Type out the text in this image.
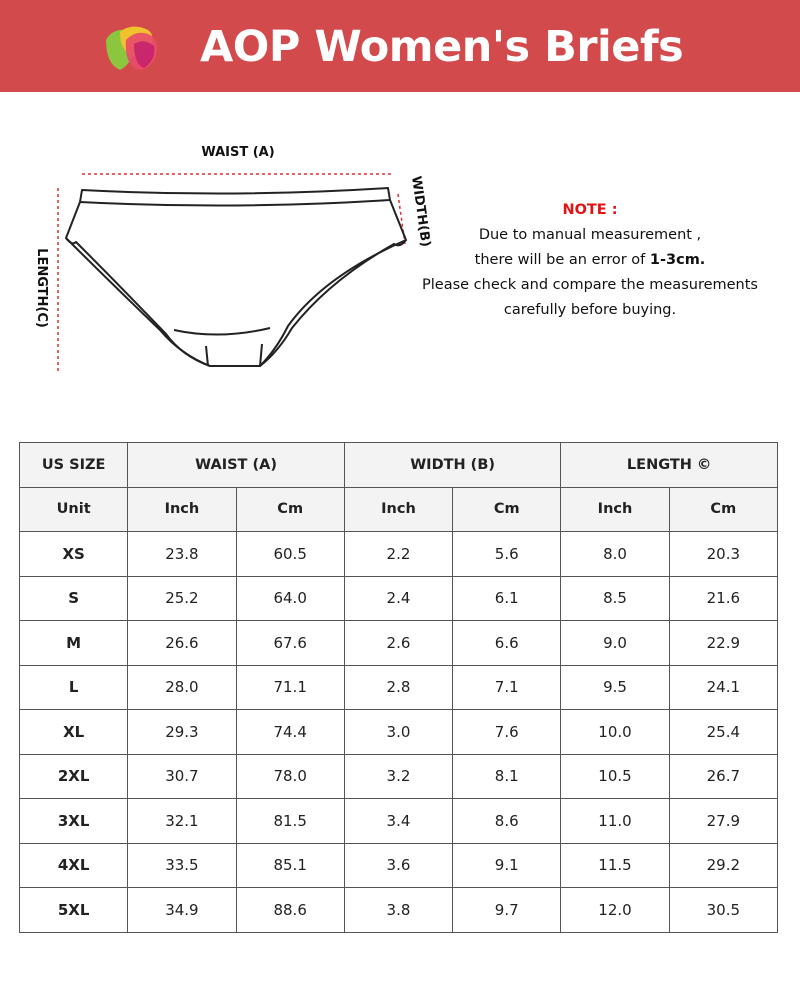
AOP Women's Briefs
WAIST (A)
LENGTH(C)
WIDTH(B)	NOTE :
Due to manual measurement ,
there will be an error of 1-3cm.
Please check and compare the measurements
carefully before buying.
US SIZE	WAIST (A)		WIDTH (B)		LENGTH ©	
Unit	Inch	Cm	Inch	Cm	Inch	Cm
XS	23.8	60.5	2.2	5.6	8.0	20.3
S	25.2	64.0	2.4	6.1	8.5	21.6
M	26.6	67.6	2.6	6.6	9.0	22.9
L	28.0	71.1	2.8	7.1	9.5	24.1
XL	29.3	74.4	3.0	7.6	10.0	25.4
2XL	30.7	78.0	3.2	8.1	10.5	26.7
3XL	32.1	81.5	3.4	8.6	11.0	27.9
4XL	33.5	85.1	3.6	9.1	11.5	29.2
5XL	34.9	88.6	3.8	9.7	12.0	30.5
